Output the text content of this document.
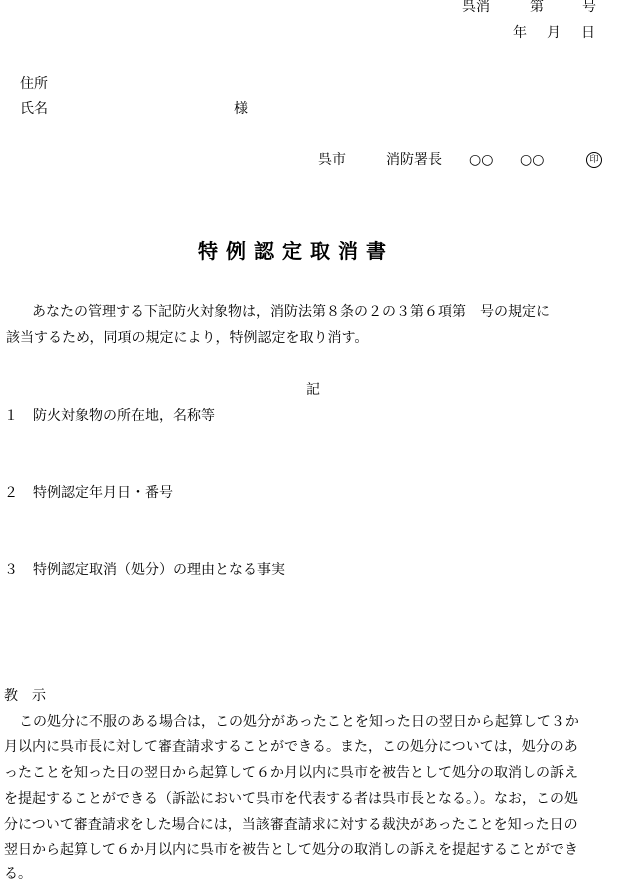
呉消	第	号
年 月 日
住所
氏名	様
呉市	消防署長 ○○ ○○	印
特例認定取消書
あなたの管理する下記防火対象物は，消防法第８条の２の３第６項第　号の規定に
該当するため，同項の規定により，特例認定を取り消す。
記
１ 防火対象物の所在地，名称等
２ 特例認定年月日・番号
３ 特例認定取消（処分）の理由となる事実
教　示
この処分に不服のある場合は，この処分があったことを知った日の翌日から起算して３か
月以内に呉市長に対して審査請求することができる。また，この処分については，処分のあ
ったことを知った日の翌日から起算して６か月以内に呉市を被告として処分の取消しの訴え
を提起することができる（訴訟において呉市を代表する者は呉市長となる。）。なお，この処
分について審査請求をした場合には，当該審査請求に対する裁決があったことを知った日の
翌日から起算して６か月以内に呉市を被告として処分の取消しの訴えを提起することができ
る。
